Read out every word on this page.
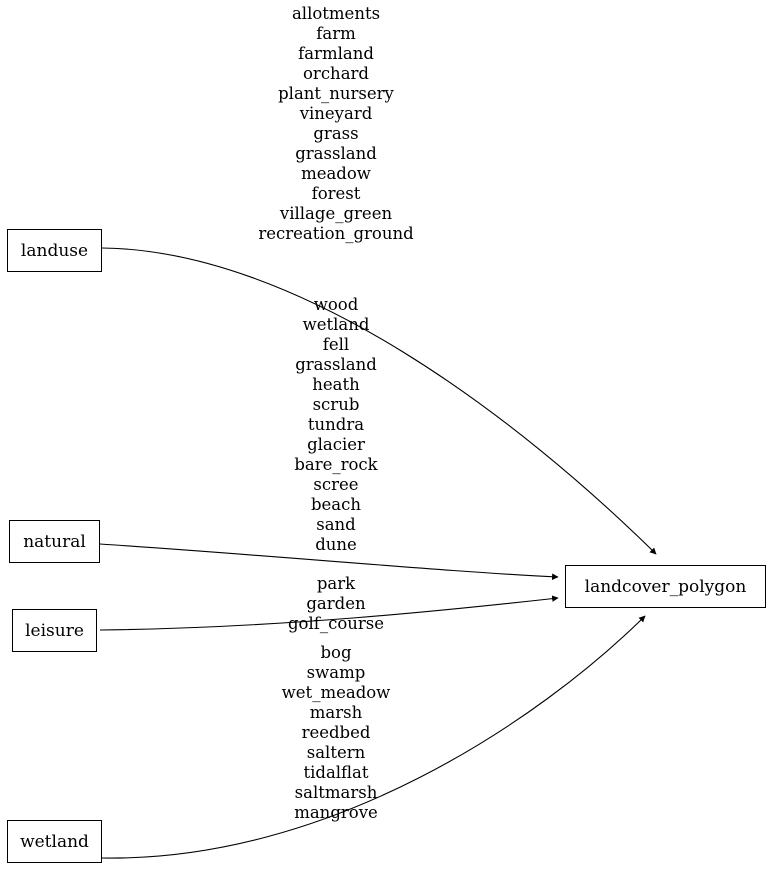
landuse
natural
leisure
wetland
landcover_polygon
allotments
farm
farmland
orchard
plant_nursery
vineyard
grass
grassland
meadow
forest
village_green
recreation_ground
wood
wetland
fell
grassland
heath
scrub
tundra
glacier
bare_rock
scree
beach
sand
dune
park
garden
golf_course
bog
swamp
wet_meadow
marsh
reedbed
saltern
tidalflat
saltmarsh
mangrove
